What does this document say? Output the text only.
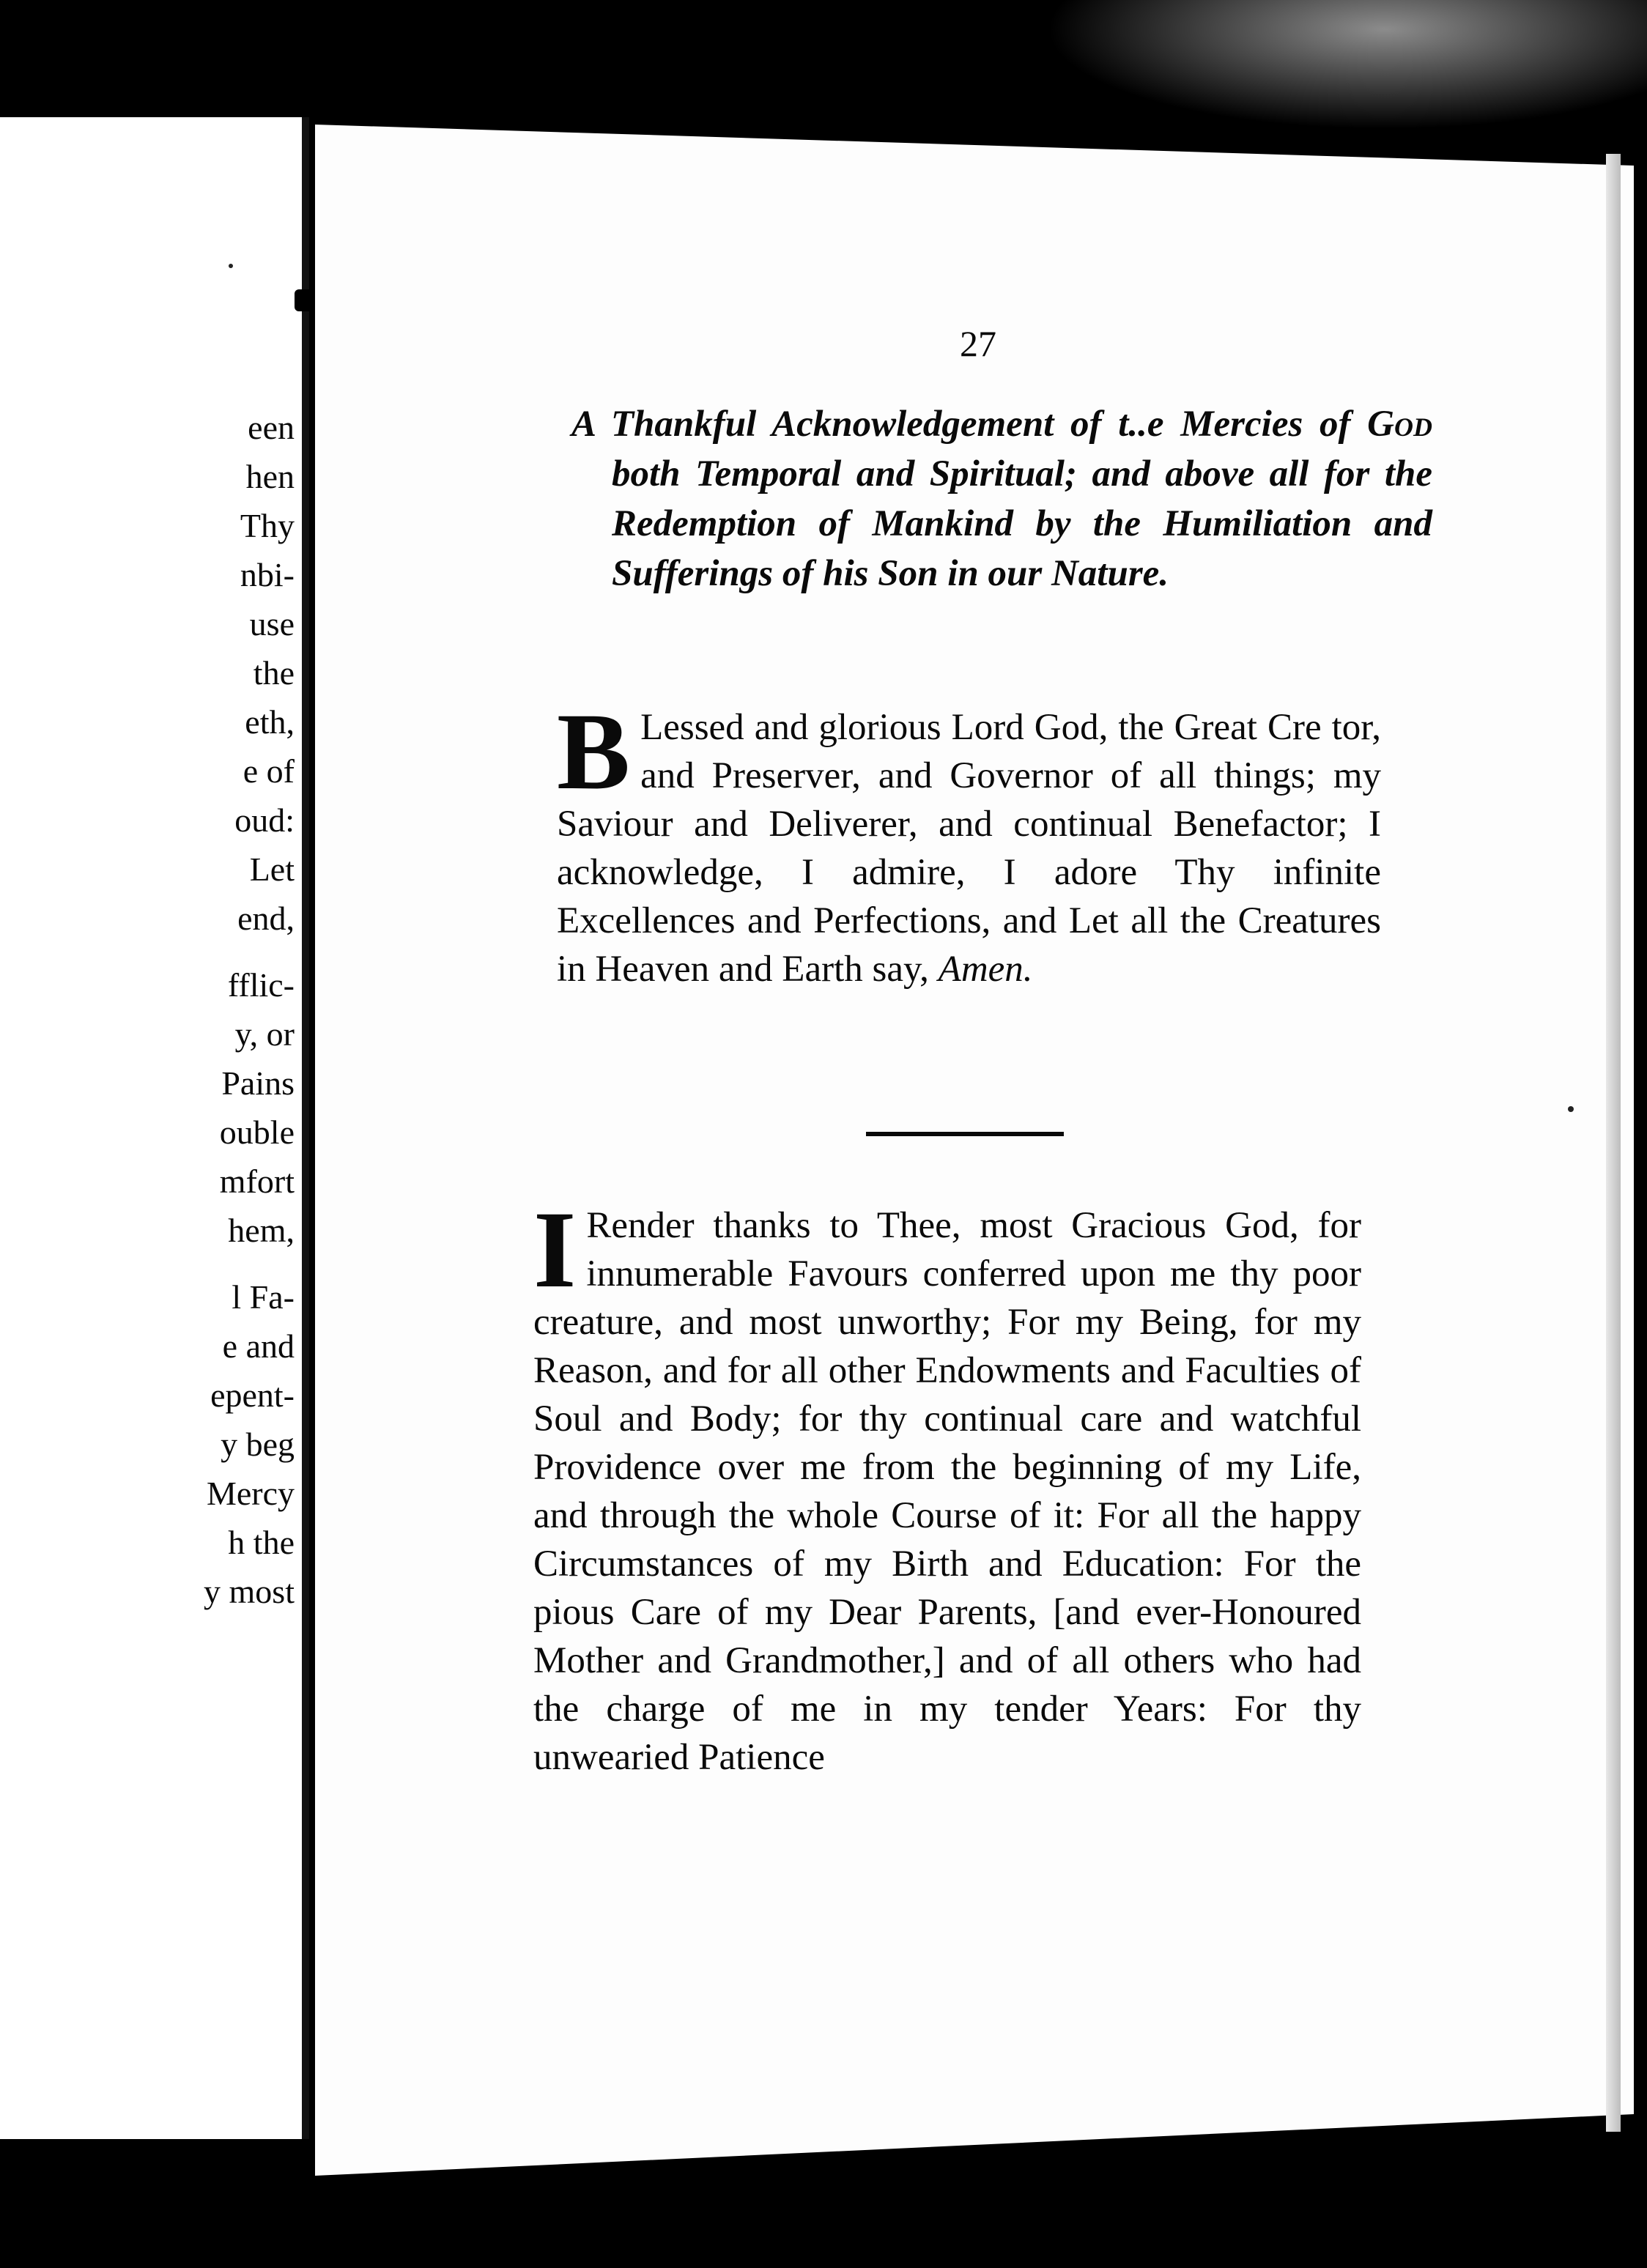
een
hen
Thy
nbi-
use
the
eth,
e of
oud:
Let
end,
fflic-
y, or
Pains
ouble
mfort
hem,
l Fa-
e and
epent-
y beg
Mercy
h the
y most
27
A Thankful Acknowledgement of t..e Mercies of God both Temporal and Spiritual; and above all for the Redemption of Mankind by the Humiliation and Sufferings of his Son in our Nature.
B Lessed and glorious Lord God, the Great Cre tor, and Preserver, and Governor of all things; my Saviour and Deliverer, and continual Benefactor; I acknowledge, I admire, I adore Thy infinite Excellences and Perfections, and Let all the Creatures in Heaven and Earth say, Amen.
I Render thanks to Thee, most Gracious God, for innumerable Favours conferred upon me thy poor creature, and most unworthy; For my Being, for my Reason, and for all other Endowments and Faculties of Soul and Body; for thy continual care and watchful Providence over me from the beginning of my Life, and through the whole Course of it: For all the happy Circumstances of my Birth and Education: For the pious Care of my Dear Parents, [and ever-Honoured Mother and Grandmother,] and of all others who had the charge of me in my tender Years: For thy unwearied Patience
